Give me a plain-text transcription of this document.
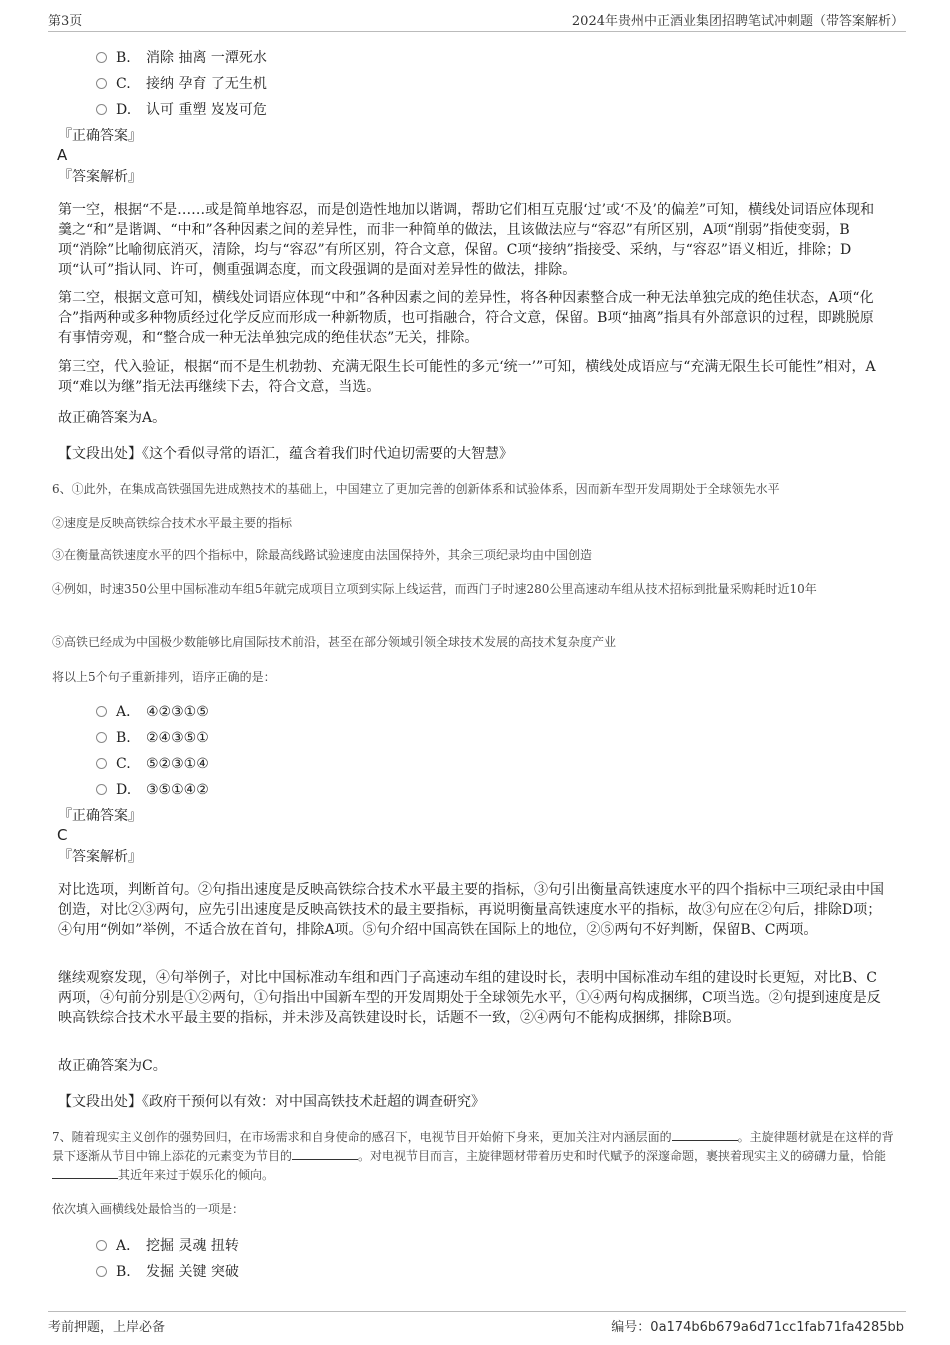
第3页	2024年贵州中正酒业集团招聘笔试冲刺题（带答案解析）
B. 消除 抽离 一潭死水
C. 接纳 孕育 了无生机
D. 认可 重塑 岌岌可危
『正确答案』
A
『答案解析』

第一空，根据“不是……或是简单地容忍，而是创造性地加以谐调，帮助它们相互克服‘过’或‘不及’的偏差”可知，横线处词语应体现和羹之“和”是谐调、“中和”各种因素之间的差异性，而非一种简单的做法，且该做法应与“容忍”有所区别，A项“削弱”指使变弱，B项“消除”比喻彻底消灭，清除，均与“容忍”有所区别，符合文意，保留。C项“接纳”指接受、采纳，与“容忍”语义相近，排除；D项“认可”指认同、许可，侧重强调态度，而文段强调的是面对差异性的做法，排除。

第二空，根据文意可知，横线处词语应体现“中和”各种因素之间的差异性，将各种因素整合成一种无法单独完成的绝佳状态，A项“化合”指两种或多种物质经过化学反应而形成一种新物质，也可指融合，符合文意，保留。B项“抽离”指具有外部意识的过程，即跳脱原有事情旁观，和“整合成一种无法单独完成的绝佳状态”无关，排除。

第三空，代入验证，根据“而不是生机勃勃、充满无限生长可能性的多元‘统一’”可知，横线处成语应与“充满无限生长可能性”相对，A项“难以为继”指无法再继续下去，符合文意，当选。

故正确答案为A。

【文段出处】《这个看似寻常的语汇，蕴含着我们时代迫切需要的大智慧》
6、①此外，在集成高铁强国先进成熟技术的基础上，中国建立了更加完善的创新体系和试验体系，因而新车型开发周期处于全球领先水平
②速度是反映高铁综合技术水平最主要的指标
③在衡量高铁速度水平的四个指标中，除最高线路试验速度由法国保持外，其余三项纪录均由中国创造
④例如，时速350公里中国标准动车组5年就完成项目立项到实际上线运营，而西门子时速280公里高速动车组从技术招标到批量采购耗时近10年
⑤高铁已经成为中国极少数能够比肩国际技术前沿，甚至在部分领域引领全球技术发展的高技术复杂度产业
将以上5个句子重新排列，语序正确的是：
A． ④②③①⑤
B. ②④③⑤①
C. ⑤②③①④
D. ③⑤①④②
『正确答案』
C
『答案解析』

对比选项，判断首句。②句指出速度是反映高铁综合技术水平最主要的指标，③句引出衡量高铁速度水平的四个指标中三项纪录由中国创造，对比②③两句，应先引出速度是反映高铁技术的最主要指标，再说明衡量高铁速度水平的指标，故③句应在②句后，排除D项；④句用“例如”举例，不适合放在首句，排除A项。⑤句介绍中国高铁在国际上的地位，②⑤两句不好判断，保留B、C两项。

继续观察发现，④句举例子，对比中国标准动车组和西门子高速动车组的建设时长，表明中国标准动车组的建设时长更短，对比B、C两项，④句前分别是①②两句，①句指出中国新车型的开发周期处于全球领先水平，①④两句构成捆绑，C项当选。②句提到速度是反映高铁综合技术水平最主要的指标，并未涉及高铁建设时长，话题不一致，②④两句不能构成捆绑，排除B项。

故正确答案为C。

【文段出处】《政府干预何以有效：对中国高铁技术赶超的调查研究》
7、随着现实主义创作的强势回归，在市场需求和自身使命的感召下，电视节目开始俯下身来，更加关注对内涵层面的	。主旋律题材就是在这样的背景下逐渐从节目中锦上添花的元素变为节目的	。对电视节目而言，主旋律题材带着历史和时代赋予的深邃命题，裹挟着现实主义的磅礴力量，恰能其近年来过于娱乐化的倾向。
依次填入画横线处最恰当的一项是：
A． 挖掘 灵魂 扭转
B. 发掘 关键 突破
考前押题，上岸必备	编号：0a174b6b679a6d71cc1fab71fa4285bb
